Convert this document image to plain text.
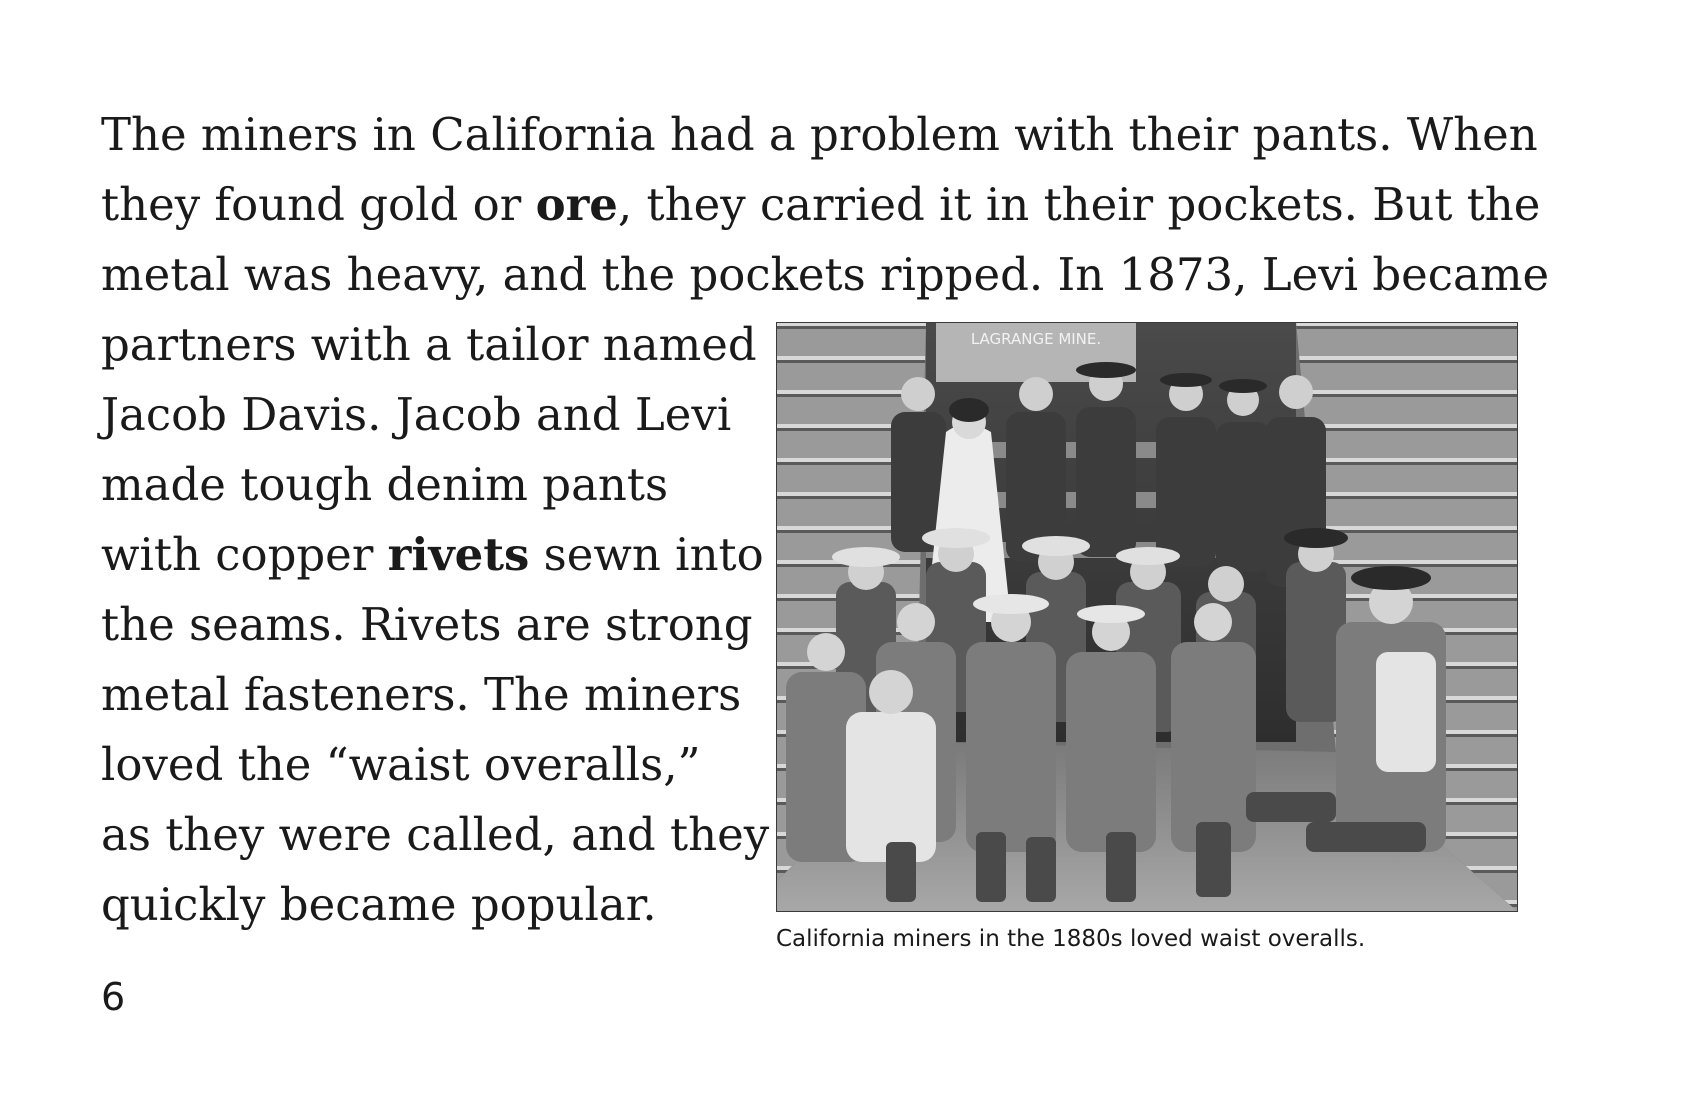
The miners in California had a problem with their pants. When
they found gold or ore, they carried it in their pockets. But the
metal was heavy, and the pockets ripped. In 1873, Levi became
partners with a tailor named
Jacob Davis. Jacob and Levi
made tough denim pants
with copper rivets sewn into
the seams. Rivets are strong
metal fasteners. The miners
loved the “waist overalls,”
as they were called, and they
quickly became popular.
LAGRANGE MINE.
California miners in the 1880s loved waist overalls.
6
